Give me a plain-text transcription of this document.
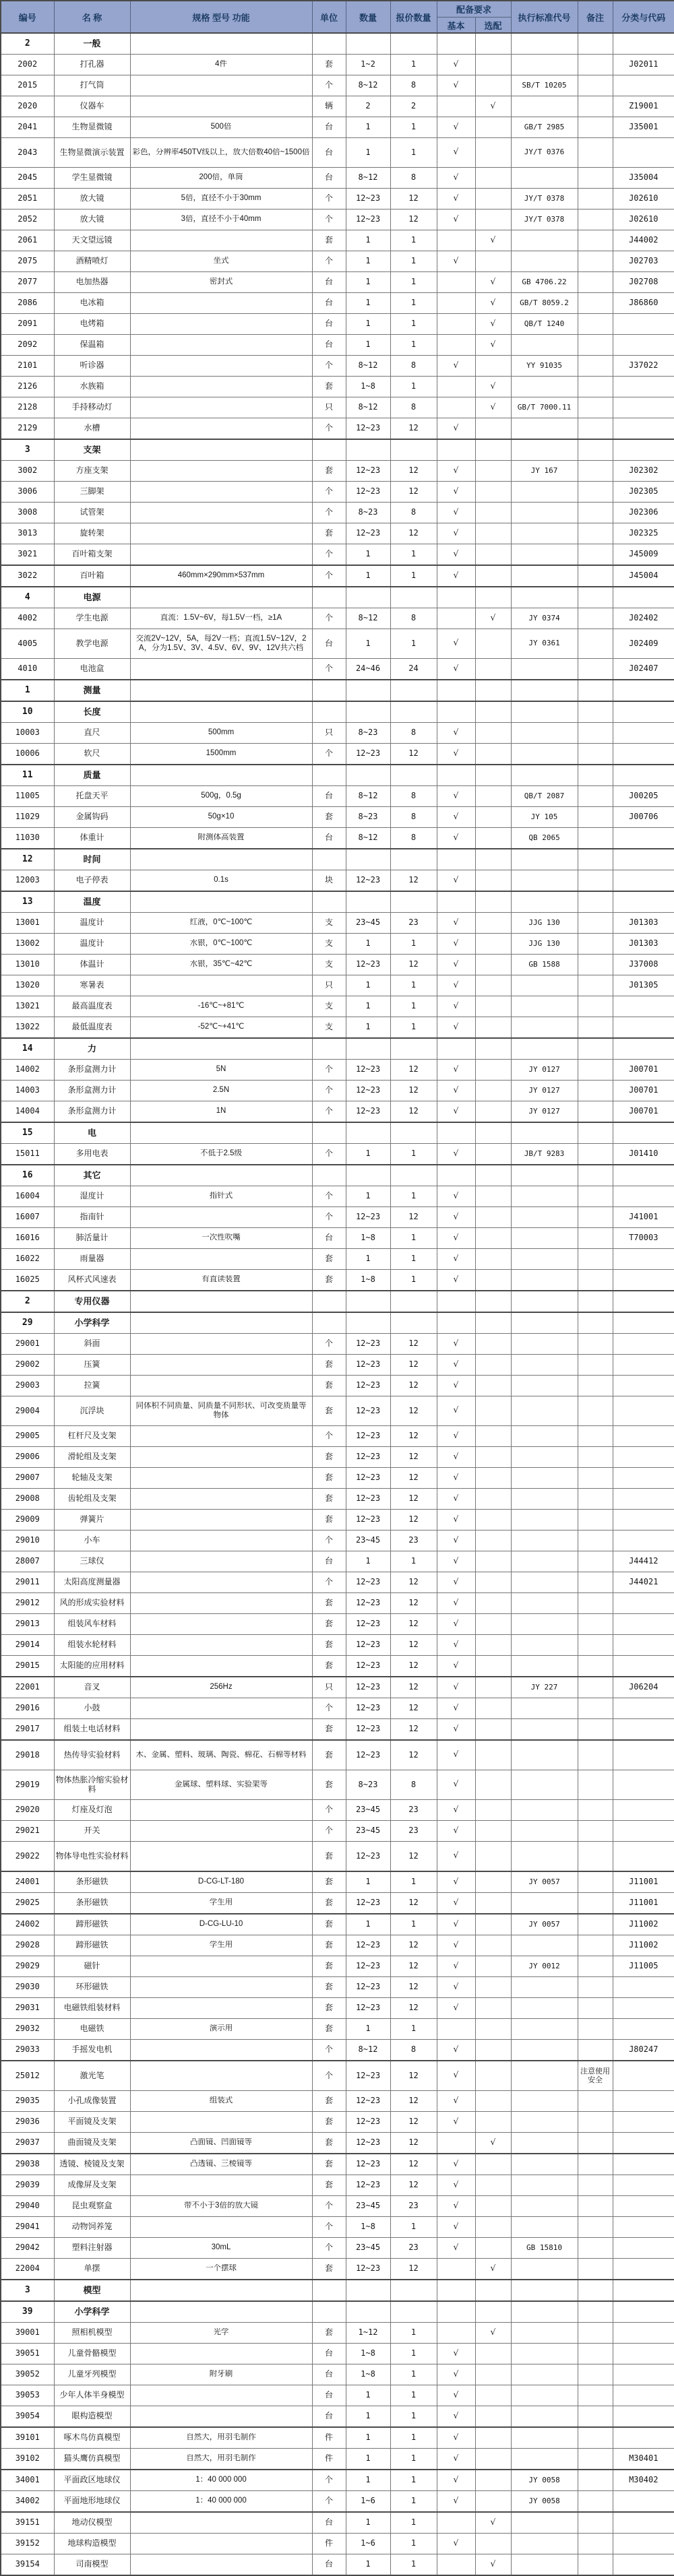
编号	名 称	规格 型号 功能	单位	数量	报价数量	配备要求		执行标准代号	备注	分类与代码
						基本	选配			

2	一般									

2002	打孔器	4件	套	1~2	1	√				J02011

2015	打气筒		个	8~12	8	√		SB/T 10205		

2020	仪器车		辆	2	2		√			Z19001

2041	生物显微镜	500倍	台	1	1	√		GB/T 2985		J35001

2043	生物显微演示装置	彩色，分辨率450TV线以上，放大倍数40倍~1500倍	台	1	1	√		JY/T 0376		

2045	学生显微镜	200倍，单筒	台	8~12	8	√				J35004

2051	放大镜	5倍，直径不小于30mm	个	12~23	12	√		JY/T 0378		J02610

2052	放大镜	3倍，直径不小于40mm	个	12~23	12	√		JY/T 0378		J02610

2061	天文望远镜		套	1	1		√			J44002

2075	酒精喷灯	坐式	个	1	1	√				J02703

2077	电加热器	密封式	台	1	1		√	GB 4706.22		J02708

2086	电冰箱		台	1	1		√	GB/T 8059.2		J86860

2091	电烤箱		台	1	1		√	QB/T 1240		

2092	保温箱		台	1	1		√			

2101	听诊器		个	8~12	8	√		YY 91035		J37022

2126	水族箱		套	1~8	1		√			

2128	手持移动灯		只	8~12	8		√	GB/T 7000.11		

2129	水槽		个	12~23	12	√				

3	支架									

3002	方座支架		套	12~23	12	√		JY 167		J02302

3006	三脚架		个	12~23	12	√				J02305

3008	试管架		个	8~23	8	√				J02306

3013	旋转架		套	12~23	12	√				J02325

3021	百叶箱支架		个	1	1	√				J45009

3022	百叶箱	460mm×290mm×537mm	个	1	1	√				J45004

4	电源									

4002	学生电源	直流：1.5V~6V，每1.5V一档，≥1A	个	8~12	8		√	JY 0374		J02402

4005	教学电源	交流2V~12V，5A，每2V一档；直流1.5V~12V，2A，分为1.5V、3V、4.5V、6V、9V、12V共六档	台	1	1	√		JY 0361		J02409

4010	电池盒		个	24~46	24	√				J02407

1	测量									

10	长度									

10003	直尺	500mm	只	8~23	8	√				

10006	软尺	1500mm	个	12~23	12	√				

11	质量									

11005	托盘天平	500g，0.5g	台	8~12	8	√		QB/T 2087		J00205

11029	金属钩码	50g×10	套	8~23	8	√		JY 105		J00706

11030	体重计	附测体高装置	台	8~12	8	√		QB 2065		

12	时间									

12003	电子停表	0.1s	块	12~23	12	√				

13	温度									

13001	温度计	红液，0℃~100℃	支	23~45	23	√		JJG 130		J01303

13002	温度计	水银，0℃~100℃	支	1	1	√		JJG 130		J01303

13010	体温计	水银，35℃~42℃	支	12~23	12	√		GB 1588		J37008

13020	寒暑表		只	1	1	√				J01305

13021	最高温度表	-16℃~+81℃	支	1	1	√				

13022	最低温度表	-52℃~+41℃	支	1	1	√				

14	力									

14002	条形盒测力计	5N	个	12~23	12	√		JY 0127		J00701

14003	条形盒测力计	2.5N	个	12~23	12	√		JY 0127		J00701

14004	条形盒测力计	1N	个	12~23	12	√		JY 0127		J00701

15	电									

15011	多用电表	不低于2.5级	个	1	1	√		JB/T 9283		J01410

16	其它									

16004	湿度计	指针式	个	1	1	√				

16007	指南针		个	12~23	12	√				J41001

16016	肺活量计	一次性吹嘴	台	1~8	1	√				T70003

16022	雨量器		套	1	1	√				

16025	风杯式风速表	有直读装置	套	1~8	1	√				

2	专用仪器									

29	小学科学									

29001	斜面		个	12~23	12	√				

29002	压簧		套	12~23	12	√				

29003	拉簧		套	12~23	12	√				

29004	沉浮块	同体积不同质量、同质量不同形状、可改变质量等物体	套	12~23	12	√				

29005	杠杆尺及支架		个	12~23	12	√				

29006	滑轮组及支架		套	12~23	12	√				

29007	轮轴及支架		套	12~23	12	√				

29008	齿轮组及支架		套	12~23	12	√				

29009	弹簧片		套	12~23	12	√				

29010	小车		个	23~45	23	√				

28007	三球仪		台	1	1	√				J44412

29011	太阳高度测量器		个	12~23	12	√				J44021

29012	风的形成实验材料		套	12~23	12	√				

29013	组装风车材料		套	12~23	12	√				

29014	组装水轮材料		套	12~23	12	√				

29015	太阳能的应用材料		套	12~23	12	√				

22001	音叉	256Hz	只	12~23	12	√		JY 227		J06204

29016	小鼓		个	12~23	12	√				

29017	组装土电话材料		套	12~23	12	√				

29018	热传导实验材料	木、金属、塑料、玻璃、陶瓷、棉花、石棉等材料	套	12~23	12	√				

29019	物体热胀冷缩实验材料	金属球、塑料球、实验架等	套	8~23	8	√				

29020	灯座及灯泡		个	23~45	23	√				

29021	开关		个	23~45	23	√				

29022	物体导电性实验材料		套	12~23	12	√				

24001	条形磁铁	D-CG-LT-180	套	1	1	√		JY 0057		J11001

29025	条形磁铁	学生用	套	12~23	12	√				J11001

24002	蹄形磁铁	D-CG-LU-10	套	1	1	√		JY 0057		J11002

29028	蹄形磁铁	学生用	套	12~23	12	√				J11002

29029	磁针		套	12~23	12	√		JY 0012		J11005

29030	环形磁铁		套	12~23	12	√				

29031	电磁铁组装材料		套	12~23	12	√				

29032	电磁铁	演示用	套	1	1					

29033	手摇发电机		个	8~12	8	√				J80247

25012	激光笔		个	12~23	12	√			注意使用安全	

29035	小孔成像装置	组装式	套	12~23	12	√				

29036	平面镜及支架		套	12~23	12	√				

29037	曲面镜及支架	凸面镜、凹面镜等	套	12~23	12		√			

29038	透镜、棱镜及支架	凸透镜、三棱镜等	套	12~23	12	√				

29039	成像屏及支架		套	12~23	12	√				

29040	昆虫观察盒	带不小于3倍的放大镜	个	23~45	23	√				

29041	动物饲养笼		个	1~8	1	√				

29042	塑料注射器	30mL	个	23~45	23	√		GB 15810		

22004	单摆	一个摆球	套	12~23	12		√			

3	模型									

39	小学科学									

39001	照相机模型	光学	套	1~12	1		√			

39051	儿童骨骼模型		台	1~8	1	√				

39052	儿童牙列模型	附牙刷	台	1~8	1	√				

39053	少年人体半身模型		台	1	1	√				

39054	眼构造模型		台	1	1	√				

39101	啄木鸟仿真模型	自然大，用羽毛制作	件	1	1	√				

39102	猫头鹰仿真模型	自然大，用羽毛制作	件	1	1	√				M30401

34001	平面政区地球仪	1：40 000 000	个	1	1	√		JY 0058		M30402

34002	平面地形地球仪	1：40 000 000	个	1~6	1	√		JY 0058		

39151	地动仪模型		台	1	1		√			

39152	地球构造模型		件	1~6	1	√				

39154	司南模型		台	1	1		√			
